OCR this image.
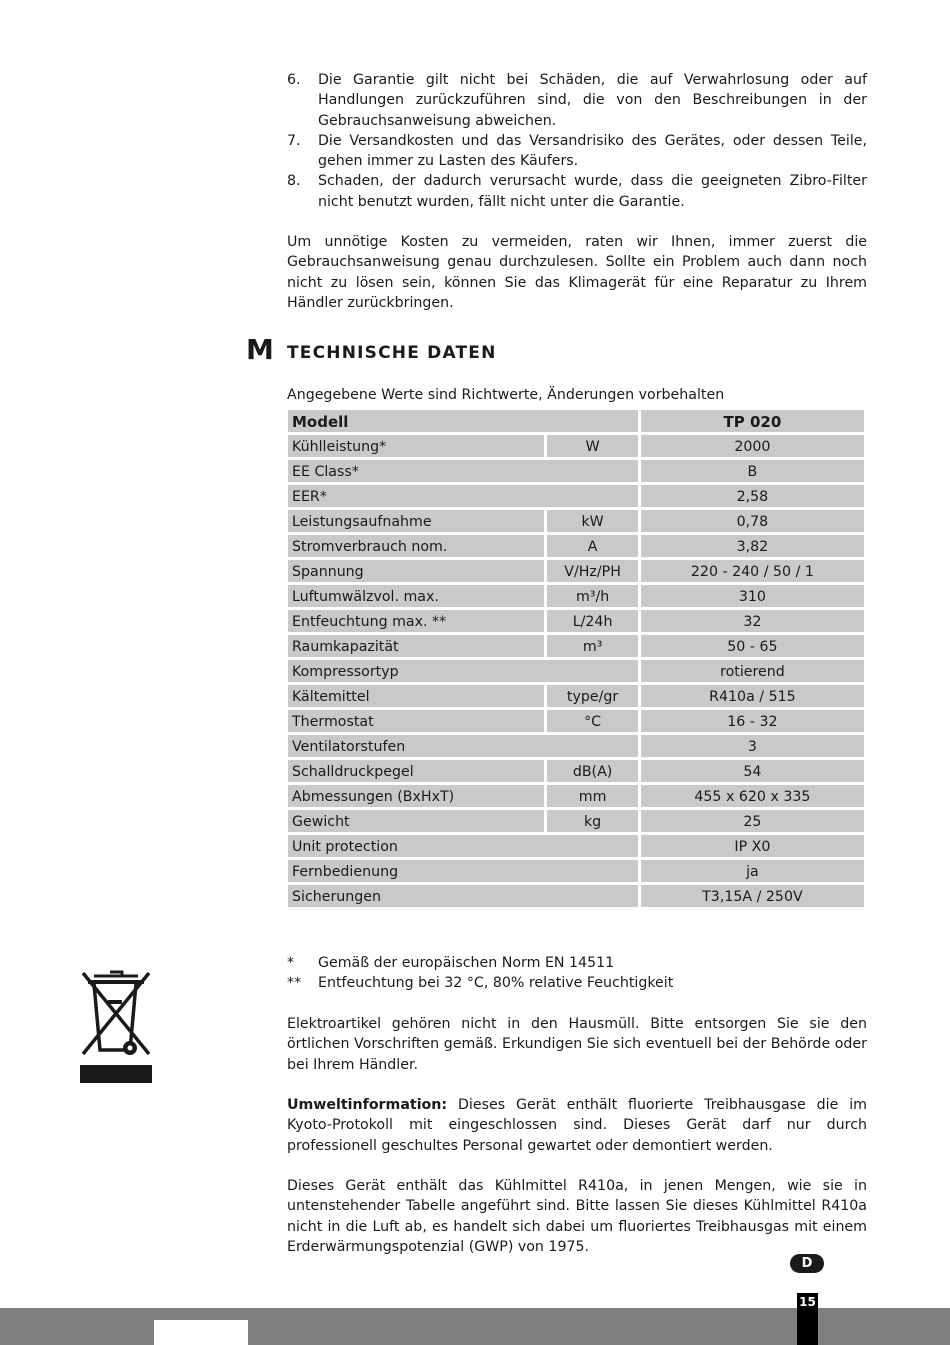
6.	Die Garantie gilt nicht bei Schäden, die auf Verwahrlosung oder auf Handlungen zurückzuführen sind, die von den Beschreibungen in der Gebrauchsanweisung abweichen.
7.	Die Versandkosten und das Versandrisiko des Gerätes, oder dessen Teile, gehen immer zu Lasten des Käufers.
8.	Schaden, der dadurch verursacht wurde, dass die geeigneten Zibro-Filter nicht benutzt wurden, fällt nicht unter die Garantie.

Um unnötige Kosten zu vermeiden, raten wir Ihnen, immer zuerst die Gebrauchsanweisung genau durchzulesen. Sollte ein Problem auch dann noch nicht zu lösen sein, können Sie das Klimagerät für eine Reparatur zu Ihrem Händler zurückbringen.

M TECHNISCHE DATEN
Angegebene Werte sind Richtwerte, Änderungen vorbehalten
Modell		TP 020
Kühlleistung*	W	2000
EE Class*		B
EER*		2,58
Leistungsaufnahme	kW	0,78
Stromverbrauch nom.	A	3,82
Spannung	V/Hz/PH	220 - 240 / 50 / 1
Luftumwälzvol. max.	m³/h	310
Entfeuchtung max. **	L/24h	32
Raumkapazität	m³	50 - 65
Kompressortyp		rotierend
Kältemittel	type/gr	R410a / 515
Thermostat	°C	16 - 32
Ventilatorstufen		3
Schalldruckpegel	dB(A)	54
Abmessungen (BxHxT)	mm	455 x 620 x 335
Gewicht	kg	25
Unit protection		IP X0
Fernbedienung		ja
Sicherungen		T3,15A / 250V
*	Gemäß der europäischen Norm EN 14511
**	Entfeuchtung bei 32 °C, 80% relative Feuchtigkeit

Elektroartikel gehören nicht in den Hausmüll. Bitte entsorgen Sie sie den örtlichen Vorschriften gemäß. Erkundigen Sie sich eventuell bei der Behörde oder bei Ihrem Händler.

Umweltinformation: Dieses Gerät enthält fluorierte Treibhausgase die im Kyoto-Protokoll mit eingeschlossen sind. Dieses Gerät darf nur durch professionell geschultes Personal gewartet oder demontiert werden.

Dieses Gerät enthält das Kühlmittel R410a, in jenen Mengen, wie sie in untenstehender Tabelle angeführt sind. Bitte lassen Sie dieses Kühlmittel R410a nicht in die Luft ab, es handelt sich dabei um fluoriertes Treibhausgas mit einem Erderwärmungspotenzial (GWP) von 1975.

D
15
